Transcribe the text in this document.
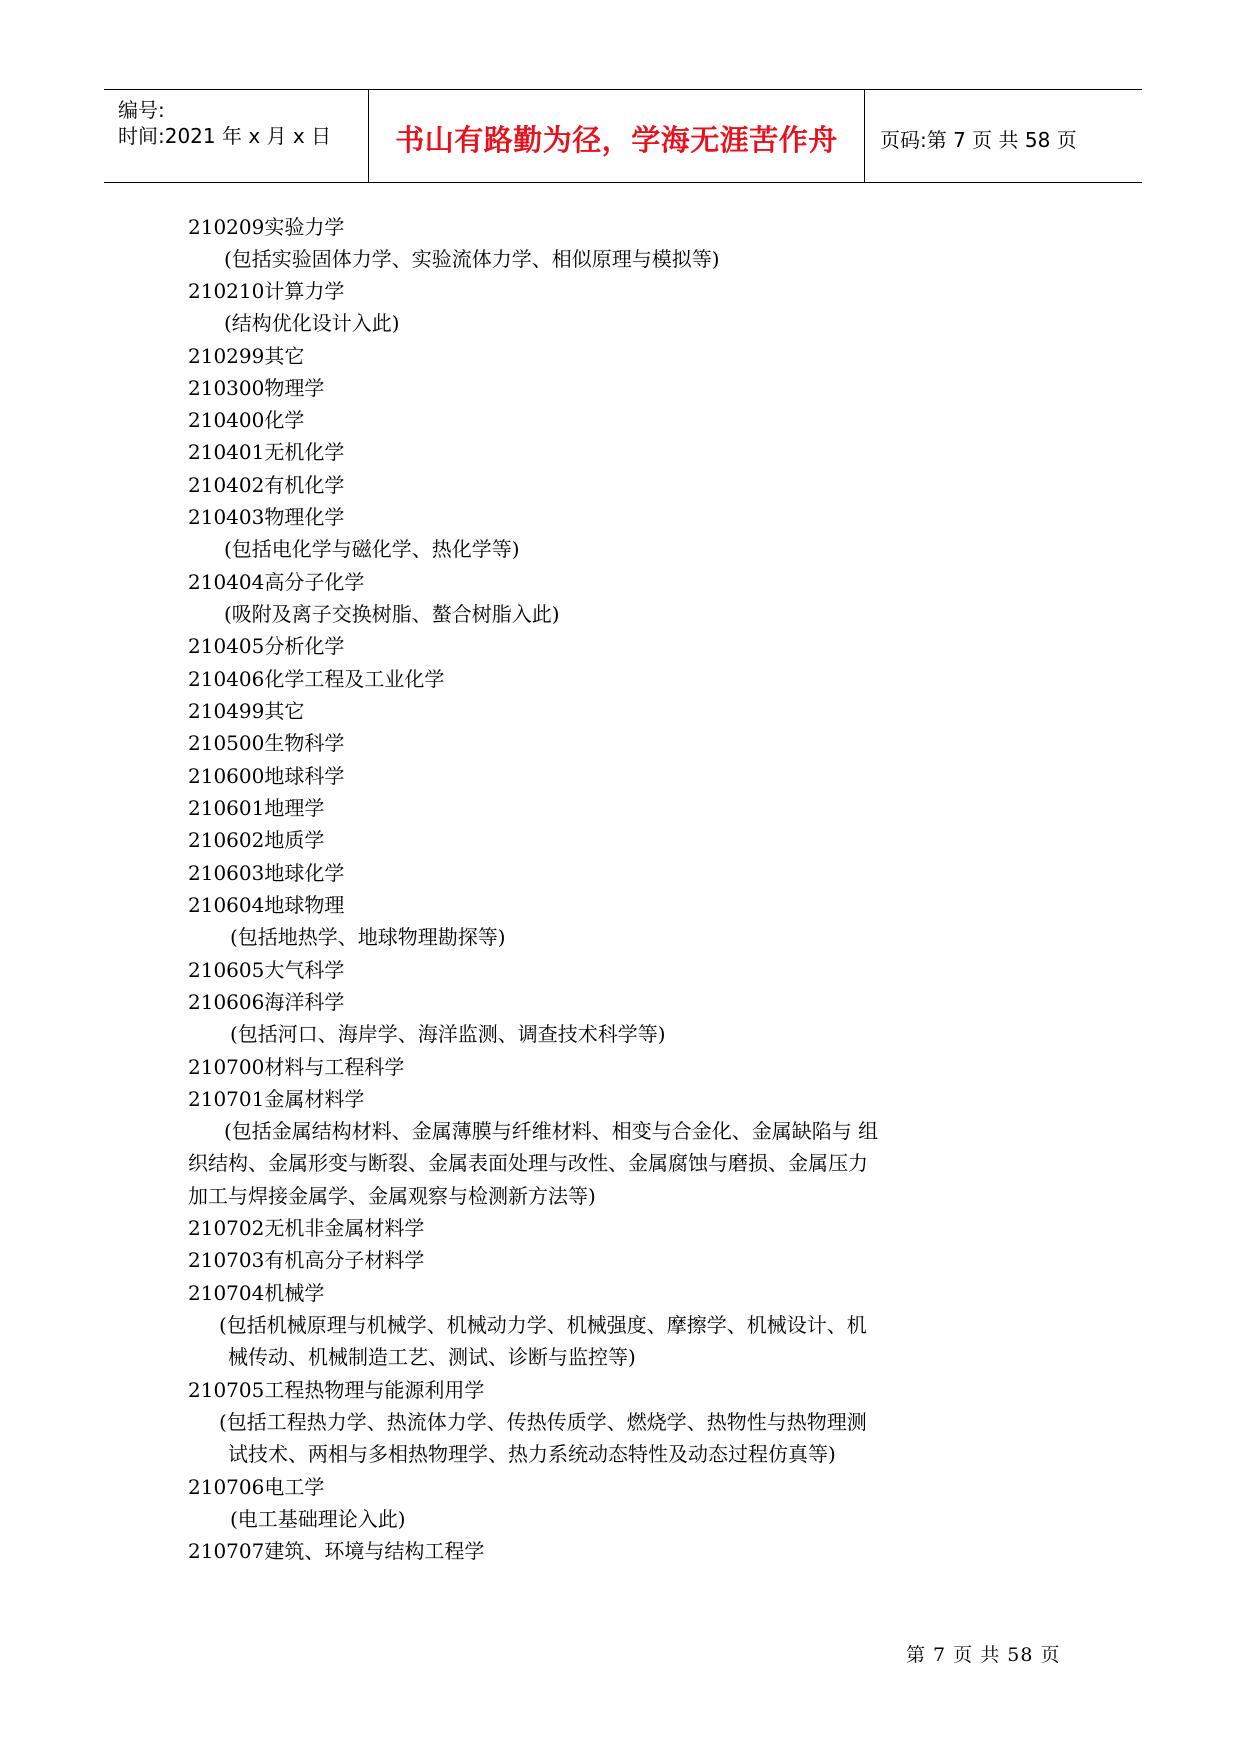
编号:
时间:2021 年 x 月 x 日	书山有路勤为径，学海无涯苦作舟	页码:第 7 页 共 58 页
210209实验力学
(包括实验固体力学、实验流体力学、相似原理与模拟等)
210210计算力学
(结构优化设计入此)
210299其它
210300物理学
210400化学
210401无机化学
210402有机化学
210403物理化学
(包括电化学与磁化学、热化学等)
210404高分子化学
(吸附及离子交换树脂、螯合树脂入此)
210405分析化学
210406化学工程及工业化学
210499其它
210500生物科学
210600地球科学
210601地理学
210602地质学
210603地球化学
210604地球物理
(包括地热学、地球物理勘探等)
210605大气科学
210606海洋科学
(包括河口、海岸学、海洋监测、调查技术科学等)
210700材料与工程科学
210701金属材料学
(包括金属结构材料、金属薄膜与纤维材料、相变与合金化、金属缺陷与 组
织结构、金属形变与断裂、金属表面处理与改性、金属腐蚀与磨损、金属压力
加工与焊接金属学、金属观察与检测新方法等)
210702无机非金属材料学
210703有机高分子材料学
210704机械学
(包括机械原理与机械学、机械动力学、机械强度、摩擦学、机械设计、机
械传动、机械制造工艺、测试、诊断与监控等)
210705工程热物理与能源利用学
(包括工程热力学、热流体力学、传热传质学、燃烧学、热物性与热物理测
试技术、两相与多相热物理学、热力系统动态特性及动态过程仿真等)
210706电工学
(电工基础理论入此)
210707建筑、环境与结构工程学
第 7 页 共 58 页
